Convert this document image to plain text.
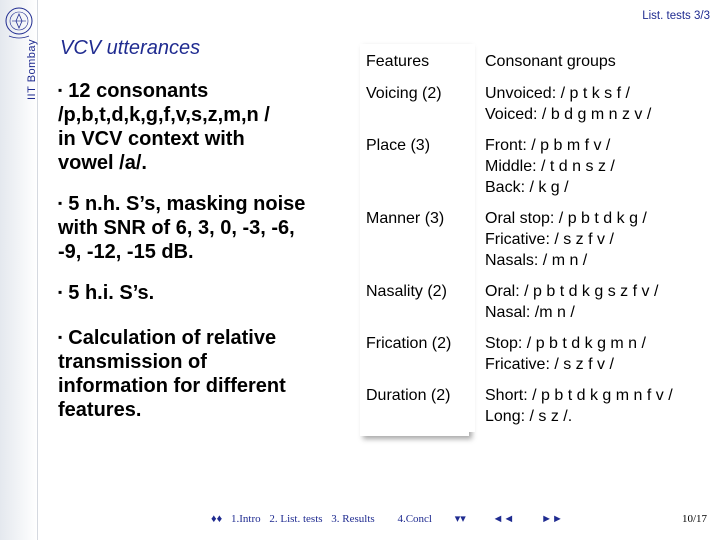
IIT Bombay
List. tests 3/3
VCV utterances
▪ 12 consonants /p,b,t,d,k,g,f,v,s,z,m,n / in VCV context with vowel /a/.
▪ 5 n.h. S’s, masking noise with SNR of 6, 3, 0, -3, -6, -9, -12, -15 dB.
▪ 5 h.i. S’s.
▪ Calculation of relative transmission of information for different features.
Features	Consonant groups
Voicing (2)	Unvoiced: / p t k s f /
Voiced: / b d g m n z v /

Place (3)	Front: / p b m f v /
Middle: / t d n s z /
Back: / k g /

Manner (3)	Oral stop: / p b t d k g /
Fricative: / s z f v /
Nasals: / m n /

Nasality (2)	Oral: / p b t d k g s z f v /
Nasal: /m n /

Frication (2)	Stop: / p b t d k g m n /
Fricative: / s z f v /

Duration (2)	Short: / p b t d k g m n f v /
Long: / s z /.
♦♦ 1.Intro 2. List. tests 3. Results 4.Concl ▾▾ ◄◄ ►►	10/17
